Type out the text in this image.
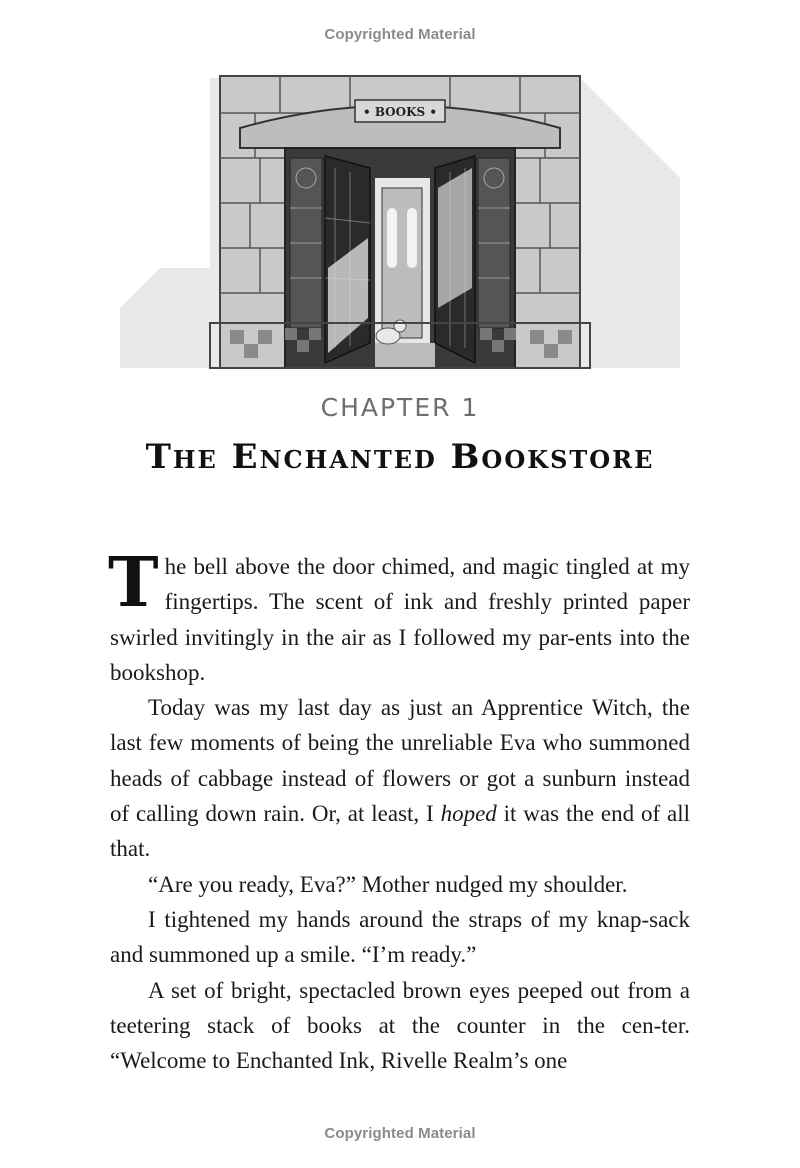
Copyrighted Material
• BOOKS •
CHAPTER 1
The Enchanted Bookstore

The bell above the door chimed, and magic tingled at my fingertips. The scent of ink and freshly printed paper swirled invitingly in the air as I followed my par-ents into the bookshop.

Today was my last day as just an Apprentice Witch, the last few moments of being the unreliable Eva who summoned heads of cabbage instead of flowers or got a sunburn instead of calling down rain. Or, at least, I hoped it was the end of all that.

“Are you ready, Eva?” Mother nudged my shoulder.

I tightened my hands around the straps of my knap-sack and summoned up a smile. “I’m ready.”

A set of bright, spectacled brown eyes peeped out from a teetering stack of books at the counter in the cen-ter. “Welcome to Enchanted Ink, Rivelle Realm’s one

Copyrighted Material
